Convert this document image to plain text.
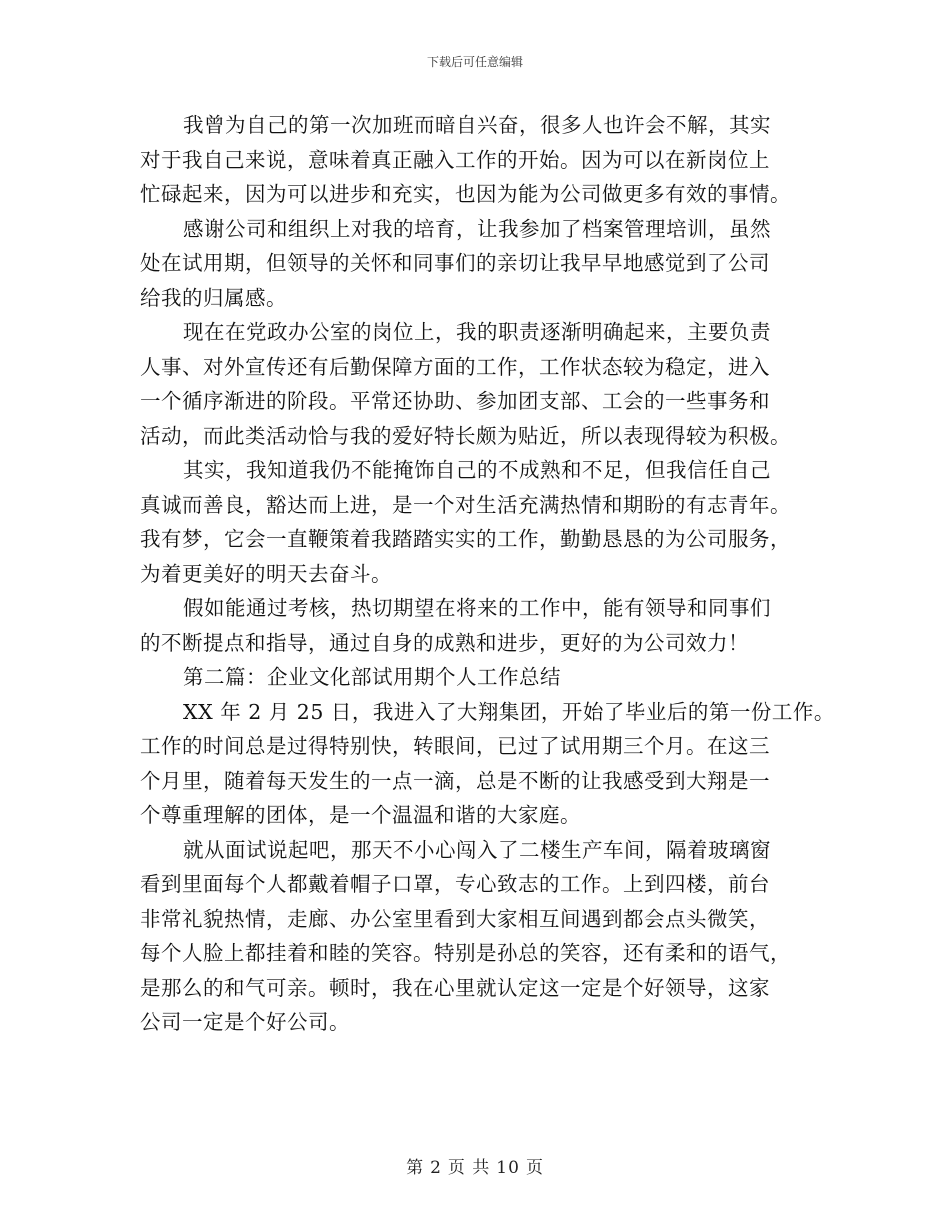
下载后可任意编辑
我曾为自己的第一次加班而暗自兴奋，很多人也许会不解，其实
对于我自己来说，意味着真正融入工作的开始。因为可以在新岗位上
忙碌起来，因为可以进步和充实，也因为能为公司做更多有效的事情。
感谢公司和组织上对我的培育，让我参加了档案管理培训，虽然
处在试用期，但领导的关怀和同事们的亲切让我早早地感觉到了公司
给我的归属感。
现在在党政办公室的岗位上，我的职责逐渐明确起来，主要负责
人事、对外宣传还有后勤保障方面的工作，工作状态较为稳定，进入
一个循序渐进的阶段。平常还协助、参加团支部、工会的一些事务和
活动，而此类活动恰与我的爱好特长颇为贴近，所以表现得较为积极。
其实，我知道我仍不能掩饰自己的不成熟和不足，但我信任自己
真诚而善良，豁达而上进，是一个对生活充满热情和期盼的有志青年。
我有梦，它会一直鞭策着我踏踏实实的工作，勤勤恳恳的为公司服务，
为着更美好的明天去奋斗。
假如能通过考核，热切期望在将来的工作中，能有领导和同事们
的不断提点和指导，通过自身的成熟和进步，更好的为公司效力！
第二篇：企业文化部试用期个人工作总结
XX 年 2 月 25 日，我进入了大翔集团，开始了毕业后的第一份工作。
工作的时间总是过得特别快，转眼间，已过了试用期三个月。在这三
个月里，随着每天发生的一点一滴，总是不断的让我感受到大翔是一
个尊重理解的团体，是一个温温和谐的大家庭。
就从面试说起吧，那天不小心闯入了二楼生产车间，隔着玻璃窗
看到里面每个人都戴着帽子口罩，专心致志的工作。上到四楼，前台
非常礼貌热情，走廊、办公室里看到大家相互间遇到都会点头微笑，
每个人脸上都挂着和睦的笑容。特别是孙总的笑容，还有柔和的语气，
是那么的和气可亲。顿时，我在心里就认定这一定是个好领导，这家
公司一定是个好公司。
第 2 页 共 10 页
